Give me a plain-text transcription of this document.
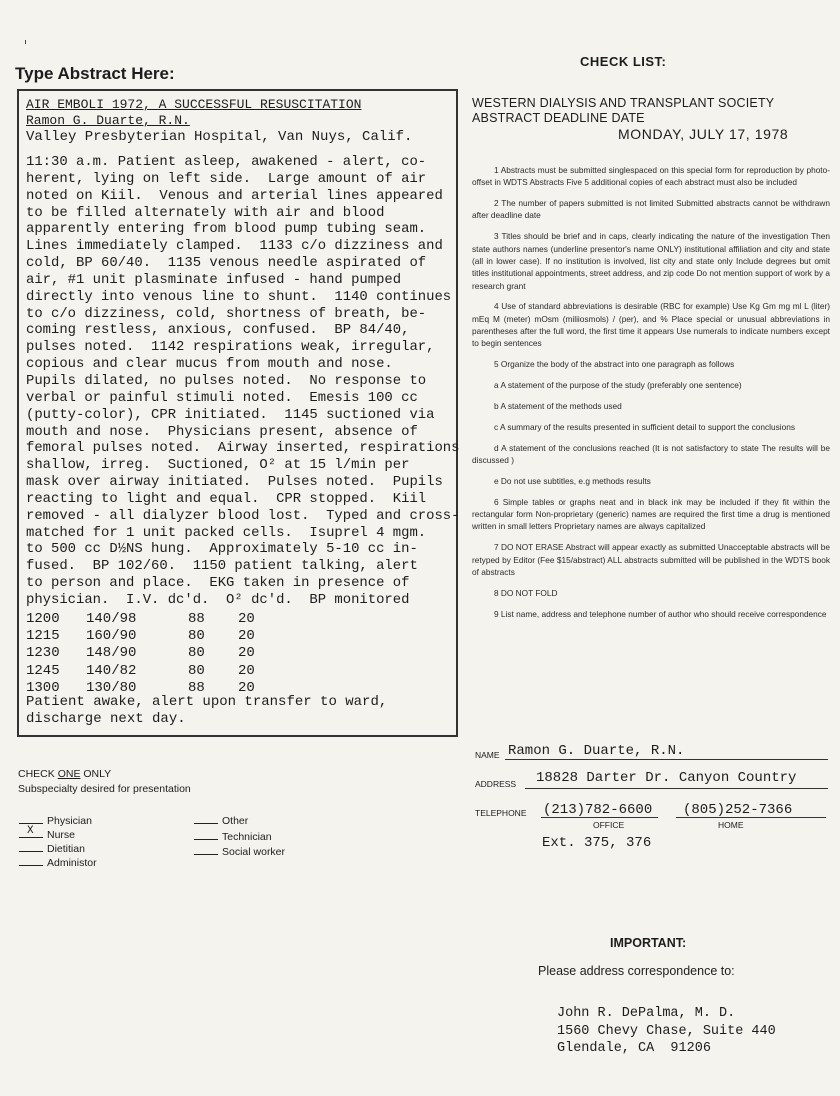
Type Abstract Here:
AIR EMBOLI 1972, A SUCCESSFUL RESUSCITATION
Ramon G. Duarte, R.N.
Valley Presbyterian Hospital, Van Nuys, Calif.
11:30 a.m. Patient asleep, awakened - alert, co-
herent, lying on left side.  Large amount of air
noted on Kiil.  Venous and arterial lines appeared
to be filled alternately with air and blood
apparently entering from blood pump tubing seam.
Lines immediately clamped.  1133 c/o dizziness and
cold, BP 60/40.  1135 venous needle aspirated of
air, #1 unit plasminate infused - hand pumped
directly into venous line to shunt.  1140 continues
to c/o dizziness, cold, shortness of breath, be-
coming restless, anxious, confused.  BP 84/40,
pulses noted.  1142 respirations weak, irregular,
copious and clear mucus from mouth and nose.
Pupils dilated, no pulses noted.  No response to
verbal or painful stimuli noted.  Emesis 100 cc
(putty-color), CPR initiated.  1145 suctioned via
mouth and nose.  Physicians present, absence of
femoral pulses noted.  Airway inserted, respirations
shallow, irreg.  Suctioned, O² at 15 l/min per
mask over airway initiated.  Pulses noted.  Pupils
reacting to light and equal.  CPR stopped.  Kiil
removed - all dialyzer blood lost.  Typed and cross-
matched for 1 unit packed cells.  Isuprel 4 mgm.
to 500 cc D½NS hung.  Approximately 5-10 cc in-
fused.  BP 102/60.  1150 patient talking, alert
to person and place.  EKG taken in presence of
physician.  I.V. dc'd.  O² dc'd.  BP monitored
1200	140/98	88	20
1215	160/90	80	20
1230	148/90	80	20
1245	140/82	80	20
1300	130/80	88	20
Patient awake, alert upon transfer to ward,
discharge next day.
CHECK LIST:
WESTERN DIALYSIS AND TRANSPLANT SOCIETY
ABSTRACT DEADLINE DATE
MONDAY, JULY 17, 1978

1 Abstracts must be submitted singlespaced on this special form for reproduction by photo-offset in WDTS Abstracts Five 5 additional copies of each abstract must also be included

2 The number of papers submitted is not limited Submitted abstracts cannot be withdrawn after deadline date

3 Titles should be brief and in caps, clearly indicating the nature of the investigation Then state authors names (underline presentor's name ONLY) institutional affiliation and city and state (all in lower case). If no institution is involved, list city and state only Include degrees but omit titles institutional appointments, street address, and zip code Do not mention support of work by a research grant

4 Use of standard abbreviations is desirable (RBC for example) Use Kg Gm mg ml L (liter) mEq M (meter) mOsm (miliiosmols) / (per), and % Place special or unusual abbreviations in parentheses after the full word, the first time it appears Use numerals to indicate numbers except to begin sentences

5 Organize the body of the abstract into one paragraph as follows

a A statement of the purpose of the study (preferably one sentence)

b A statement of the methods used

c A summary of the results presented in sufficient detail to support the conclusions

d A statement of the conclusions reached (It is not satisfactory to state The results will be discussed )

e Do not use subtitles, e.g methods results

6 Simple tables or graphs neat and in black ink may be included if they fit within the rectangular form Non-proprietary (generic) names are required the first time a drug is mentioned written in small letters Proprietary names are always capitalized

7 DO NOT ERASE Abstract will appear exactly as submitted Unacceptable abstracts will be retyped by Editor (Fee $15/abstract) ALL abstracts submitted will be published in the WDTS book of abstracts

8 DO NOT FOLD

9 List name, address and telephone number of author who should receive correspondence

CHECK ONE ONLY
Subspecialty desired for presentation
Physician
X Nurse
Dietitian
Administor
Other
Technician
Social worker
NAME Ramon G. Duarte, R.N.
ADDRESS 18828 Darter Dr. Canyon Country
TELEPHONE (213)782-6600 (805)252-7366
OFFICE	HOME
Ext. 375, 376
IMPORTANT:
Please address correspondence to:
John R. DePalma, M. D.
1560 Chevy Chase, Suite 440
Glendale, CA  91206
